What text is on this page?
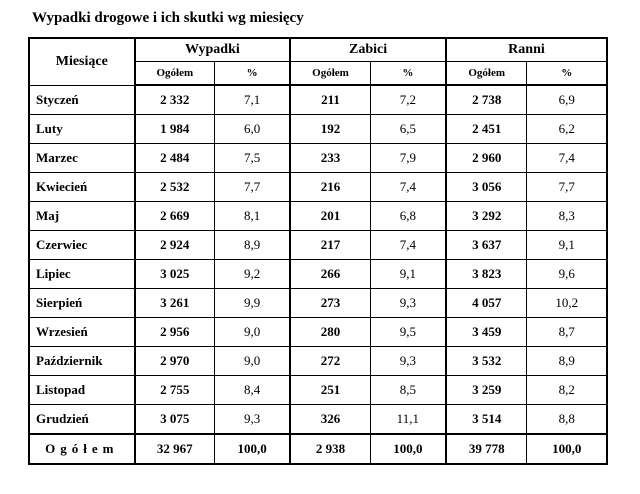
Wypadki drogowe i ich skutki wg miesięcy
Miesiące	Wypadki		Zabici		Ranni	
	Ogółem	%	Ogółem	%	Ogółem	%
Styczeń	2 332	7,1	211	7,2	2 738	6,9
Luty	1 984	6,0	192	6,5	2 451	6,2
Marzec	2 484	7,5	233	7,9	2 960	7,4
Kwiecień	2 532	7,7	216	7,4	3 056	7,7
Maj	2 669	8,1	201	6,8	3 292	8,3
Czerwiec	2 924	8,9	217	7,4	3 637	9,1
Lipiec	3 025	9,2	266	9,1	3 823	9,6
Sierpień	3 261	9,9	273	9,3	4 057	10,2
Wrzesień	2 956	9,0	280	9,5	3 459	8,7
Październik	2 970	9,0	272	9,3	3 532	8,9
Listopad	2 755	8,4	251	8,5	3 259	8,2
Grudzień	3 075	9,3	326	11,1	3 514	8,8
Ogółem	32 967	100,0	2 938	100,0	39 778	100,0
